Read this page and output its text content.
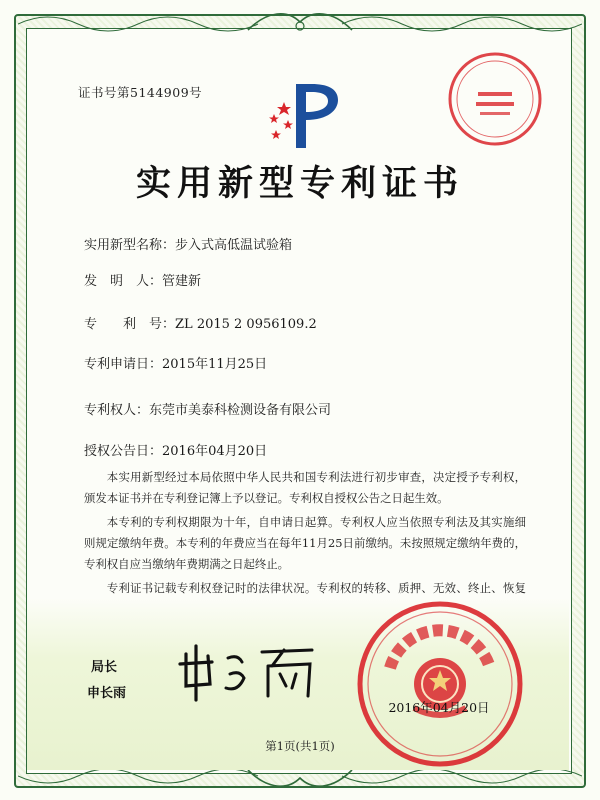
证书号第5144909号
实用新型专利证书
实用新型名称：步入式高低温试验箱
发　明　人：管建新
专　　利　号：ZL 2015 2 0956109.2
专利申请日：2015年11月25日
专利权人：东莞市美泰科检测设备有限公司
授权公告日：2016年04月20日

本实用新型经过本局依照中华人民共和国专利法进行初步审查，决定授予专利权，颁发本证书并在专利登记簿上予以登记。专利权自授权公告之日起生效。

本专利的专利权期限为十年，自申请日起算。专利权人应当依照专利法及其实施细则规定缴纳年费。本专利的年费应当在每年11月25日前缴纳。未按照规定缴纳年费的，专利权自应当缴纳年费期满之日起终止。

专利证书记载专利权登记时的法律状况。专利权的转移、质押、无效、终止、恢复

局长
申长雨
2016年04月20日
第1页(共1页)
